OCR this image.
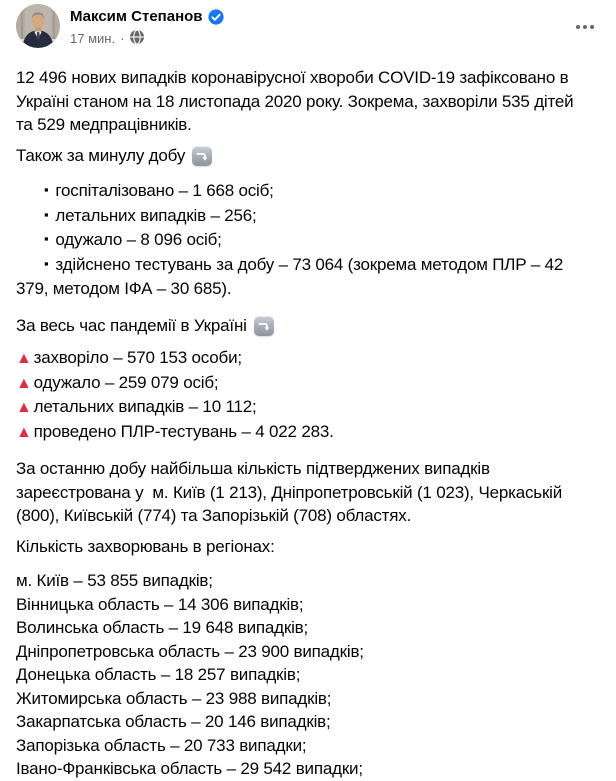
Максим Степанов
17 мин. ·

12 496 нових випадків коронавірусної хвороби COVID-19 зафіксовано в Україні станом на 18 листопада 2020 року. Зокрема, захворіли 535 дітей та 529 медпрацівників.

Також за минулу добу

▪ госпіталізовано – 1 668 осіб;
▪ летальних випадків – 256;
▪ одужало – 8 096 осіб;
▪ здійснено тестувань за добу – 73 064 (зокрема методом ПЛР – 42 379, методом ІФА – 30 685).

За весь час пандемії в Україні

▲ захворіло – 570 153 особи;
▲ одужало – 259 079 осіб;
▲ летальних випадків – 10 112;
▲ проведено ПЛР-тестувань – 4 022 283.

За останню добу найбільша кількість підтверджених випадків зареєстрована у  м. Київ (1 213), Дніпропетровській (1 023), Черкаській (800), Київській (774) та Запорізькій (708) областях.

Кількість захворювань в регіонах:

м. Київ – 53 855 випадків;
Вінницька область – 14 306 випадків;
Волинська область – 19 648 випадків;
Дніпропетровська область – 23 900 випадків;
Донецька область – 18 257 випадків;
Житомирська область – 23 988 випадків;
Закарпатська область – 20 146 випадків;
Запорізька область – 20 733 випадки;
Івано-Франківська область – 29 542 випадки;
